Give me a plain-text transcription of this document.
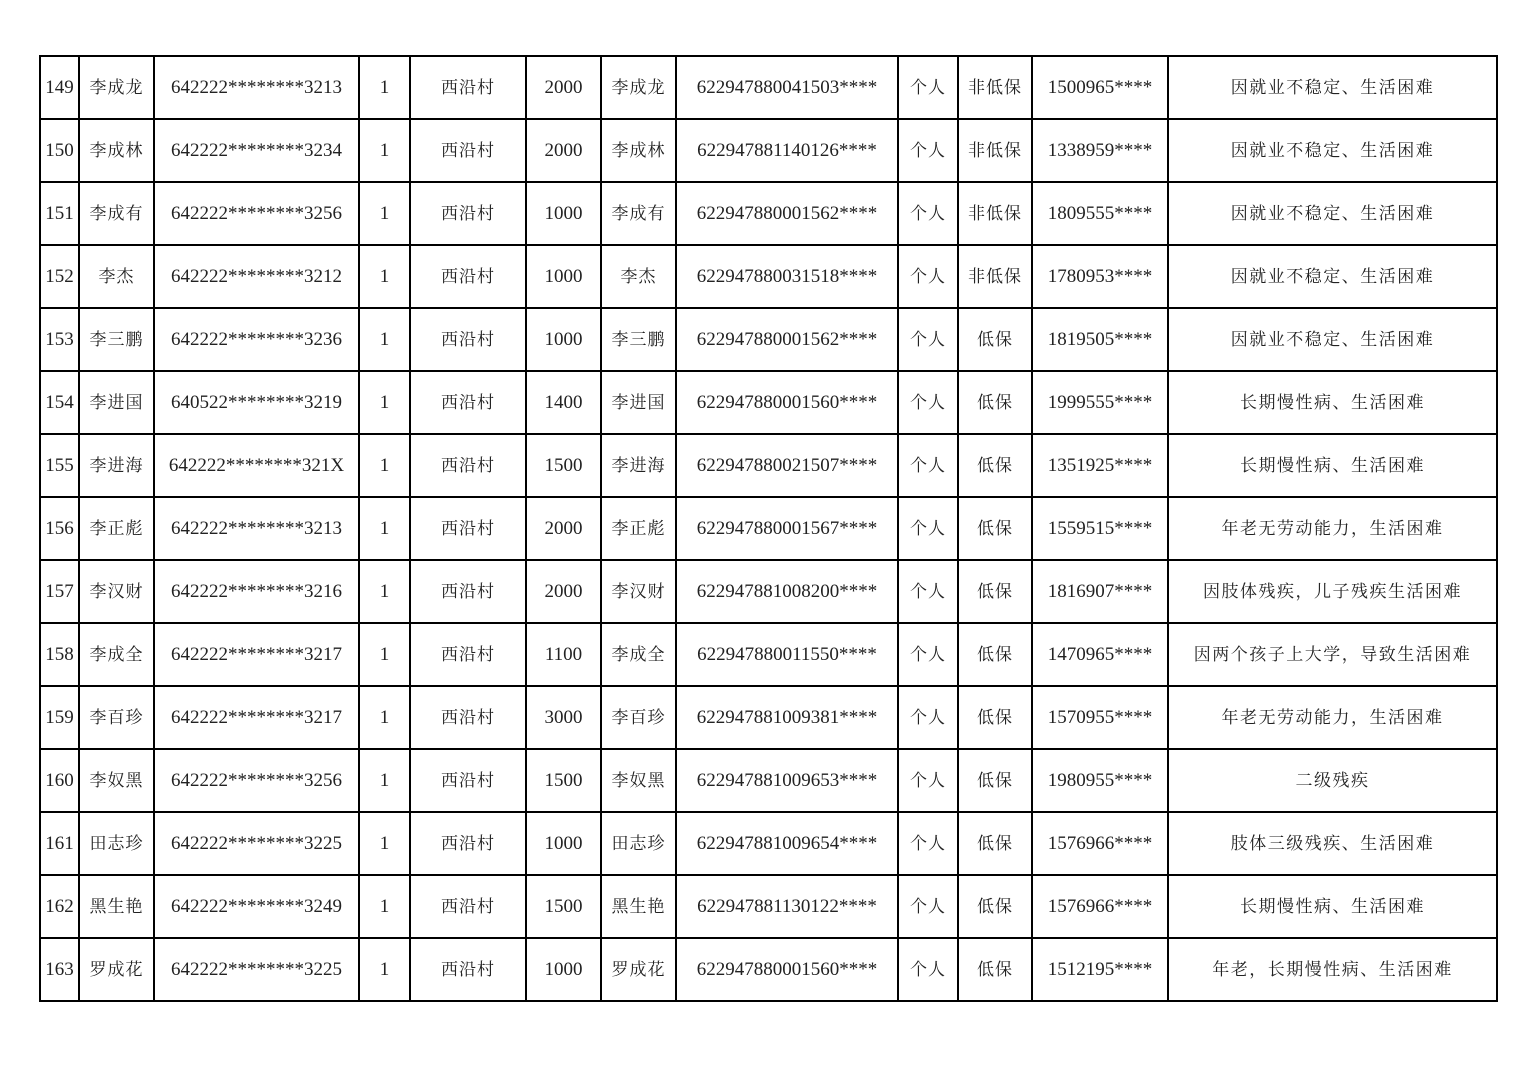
149	李成龙	642222********3213	1	西沿村	2000	李成龙	622947880041503****	个人	非低保	1500965****	因就业不稳定、生活困难
150	李成林	642222********3234	1	西沿村	2000	李成林	622947881140126****	个人	非低保	1338959****	因就业不稳定、生活困难
151	李成有	642222********3256	1	西沿村	1000	李成有	622947880001562****	个人	非低保	1809555****	因就业不稳定、生活困难
152	李杰	642222********3212	1	西沿村	1000	李杰	622947880031518****	个人	非低保	1780953****	因就业不稳定、生活困难
153	李三鹏	642222********3236	1	西沿村	1000	李三鹏	622947880001562****	个人	低保	1819505****	因就业不稳定、生活困难
154	李进国	640522********3219	1	西沿村	1400	李进国	622947880001560****	个人	低保	1999555****	长期慢性病、生活困难
155	李进海	642222********321X	1	西沿村	1500	李进海	622947880021507****	个人	低保	1351925****	长期慢性病、生活困难
156	李正彪	642222********3213	1	西沿村	2000	李正彪	622947880001567****	个人	低保	1559515****	年老无劳动能力，生活困难
157	李汉财	642222********3216	1	西沿村	2000	李汉财	622947881008200****	个人	低保	1816907****	因肢体残疾，儿子残疾生活困难
158	李成全	642222********3217	1	西沿村	1100	李成全	622947880011550****	个人	低保	1470965****	因两个孩子上大学，导致生活困难
159	李百珍	642222********3217	1	西沿村	3000	李百珍	622947881009381****	个人	低保	1570955****	年老无劳动能力，生活困难
160	李奴黑	642222********3256	1	西沿村	1500	李奴黑	622947881009653****	个人	低保	1980955****	二级残疾
161	田志珍	642222********3225	1	西沿村	1000	田志珍	622947881009654****	个人	低保	1576966****	肢体三级残疾、生活困难
162	黑生艳	642222********3249	1	西沿村	1500	黑生艳	622947881130122****	个人	低保	1576966****	长期慢性病、生活困难
163	罗成花	642222********3225	1	西沿村	1000	罗成花	622947880001560****	个人	低保	1512195****	年老，长期慢性病、生活困难
